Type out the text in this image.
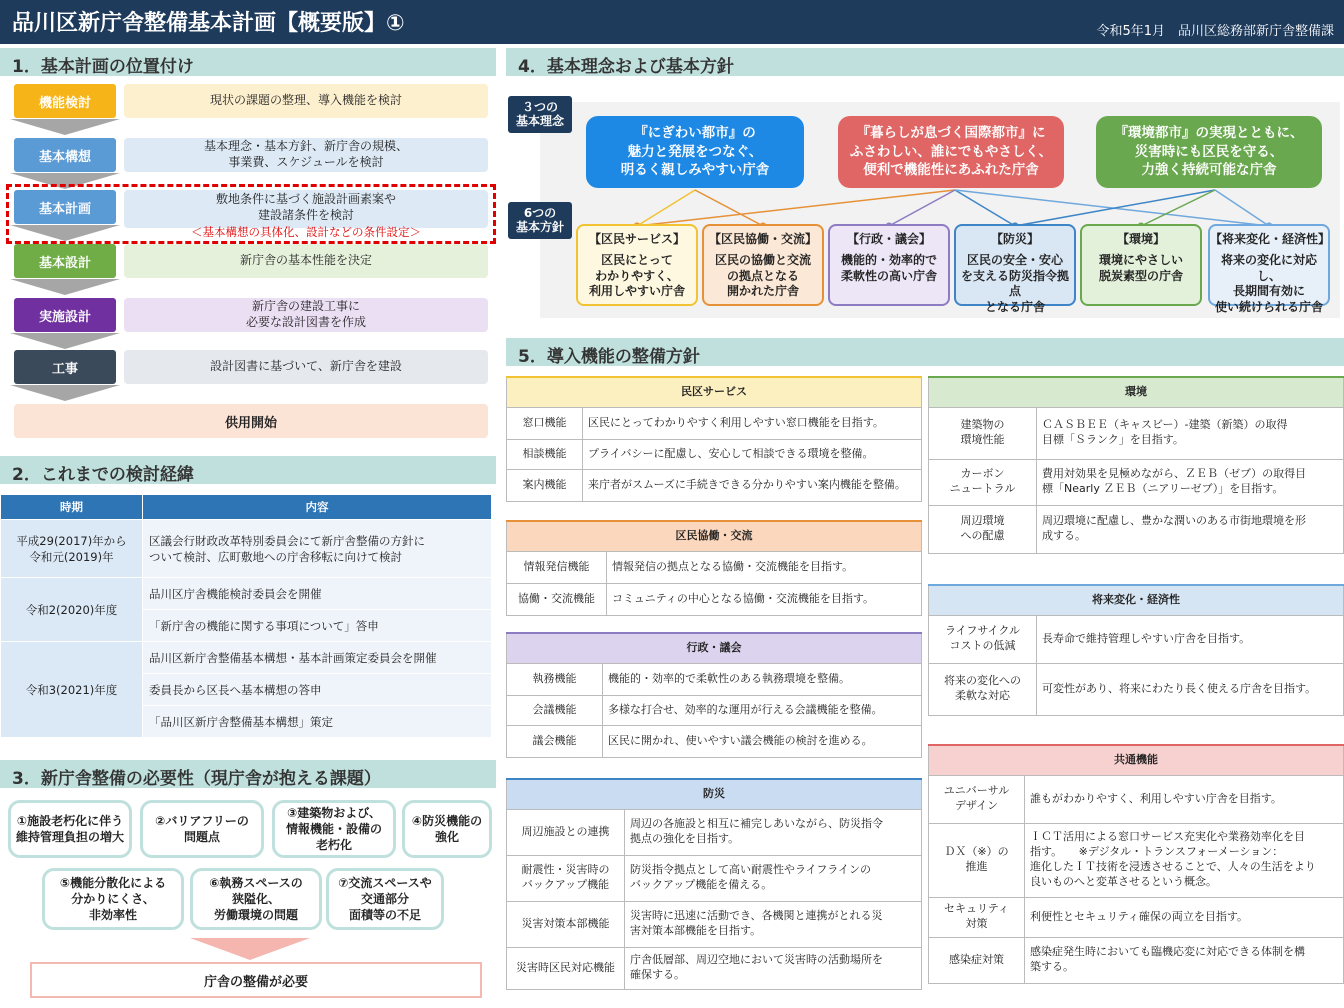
品川区新庁舎整備基本計画【概要版】①	令和5年1月　品川区総務部新庁舎整備課
1．基本計画の位置付け
機能検討	現状の課題の整理、導入機能を検討
基本構想
基本理念・基本方針、新庁舎の規模、
事業費、スケジュールを検討
基本計画
敷地条件に基づく施設計画素案や
建設諸条件を検討
基本設計	新庁舎の基本性能を決定
実施設計
新庁舎の建設工事に
必要な設計図書を作成
工事	設計図書に基づいて、新庁舎を建設
＜基本構想の具体化、設計などの条件設定＞
供用開始
2．これまでの検討経緯
時期	内容
平成29(2017)年から
令和元(2019)年	区議会行財政改革特別委員会にて新庁舎整備の方針に
ついて検討、広町敷地への庁舎移転に向けて検討
令和2(2020)年度	品川区庁舎機能検討委員会を開催
	「新庁舎の機能に関する事項について」答申
令和3(2021)年度	品川区新庁舎整備基本構想・基本計画策定委員会を開催
	委員長から区長へ基本構想の答申
	「品川区新庁舎整備基本構想」策定
3．新庁舎整備の必要性（現庁舎が抱える課題）
①施設老朽化に伴う
維持管理負担の増大
②バリアフリーの
問題点
③建築物および、
情報機能・設備の
老朽化
④防災機能の
強化
⑤機能分散化による
分かりにくさ、
非効率性
⑥執務スペースの
狭隘化、
労働環境の問題
⑦交流スペースや
交通部分
面積等の不足
庁舎の整備が必要
4．基本理念および基本方針
３つの
基本理念
6つの
基本方針
『にぎわい都市』の
魅力と発展をつなぐ、
明るく親しみやすい庁舎
『暮らしが息づく国際都市』に
ふさわしい、誰にでもやさしく、
便利で機能性にあふれた庁舎
『環境都市』の実現とともに、
災害時にも区民を守る、
力強く持続可能な庁舎
【区民サービス】
区民にとって
わかりやすく、
利用しやすい庁舎
【区民協働・交流】
区民の協働と交流
の拠点となる
開かれた庁舎
【行政・議会】
機能的・効率的で
柔軟性の高い庁舎
【防災】
区民の安全・安心
を支える防災指令拠点
となる庁舎
【環境】
環境にやさしい
脱炭素型の庁舎
【将来変化・経済性】
将来の変化に対応し、
長期間有効に
使い続けられる庁舎
5．導入機能の整備方針
民区サービス	
窓口機能	区民にとってわかりやすく利用しやすい窓口機能を目指す。
相談機能	プライバシーに配慮し、安心して相談できる環境を整備。
案内機能	来庁者がスムーズに手続きできる分かりやすい案内機能を整備。
区民協働・交流	
情報発信機能	情報発信の拠点となる協働・交流機能を目指す。
協働・交流機能	コミュニティの中心となる協働・交流機能を目指す。
行政・議会	
執務機能	機能的・効率的で柔軟性のある執務環境を整備。
会議機能	多様な打合せ、効率的な運用が行える会議機能を整備。
議会機能	区民に開かれ、使いやすい議会機能の検討を進める。
防災	
周辺施設との連携	周辺の各施設と相互に補完しあいながら、防災指令
拠点の強化を目指す。
耐震性・災害時の
バックアップ機能	防災指令拠点として高い耐震性やライフラインの
バックアップ機能を備える。
災害対策本部機能	災害時に迅速に活動でき、各機関と連携がとれる災
害対策本部機能を目指す。
災害時区民対応機能	庁舎低層部、周辺空地において災害時の活動場所を
確保する。
環境	
建築物の
環境性能	ＣＡＳＢＥＥ（キャスビー）-建築（新築）の取得
目標「Ｓランク」を目指す。
カーボン
ニュートラル	費用対効果を見極めながら、ＺＥＢ（ゼブ）の取得目
標「Nearly ＺＥＢ（ニアリーゼブ）」を目指す。
周辺環境
への配慮	周辺環境に配慮し、豊かな潤いのある市街地環境を形
成する。
将来変化・経済性	
ライフサイクル
コストの低減	長寿命で維持管理しやすい庁舎を目指す。
将来の変化への
柔軟な対応	可変性があり、将来にわたり長く使える庁舎を目指す。
共通機能	
ユニバーサル
デザイン	誰もがわかりやすく、利用しやすい庁舎を目指す。
ＤＸ（※）の
推進	ＩＣＴ活用による窓口サービス充実化や業務効率化を目
指す。　　※デジタル・トランスフォーメーション：
進化したＩＴ技術を浸透させることで、人々の生活をより
良いものへと変革させるという概念。
セキュリティ
対策	利便性とセキュリティ確保の両立を目指す。
感染症対策	感染症発生時においても臨機応変に対応できる体制を構
築する。
